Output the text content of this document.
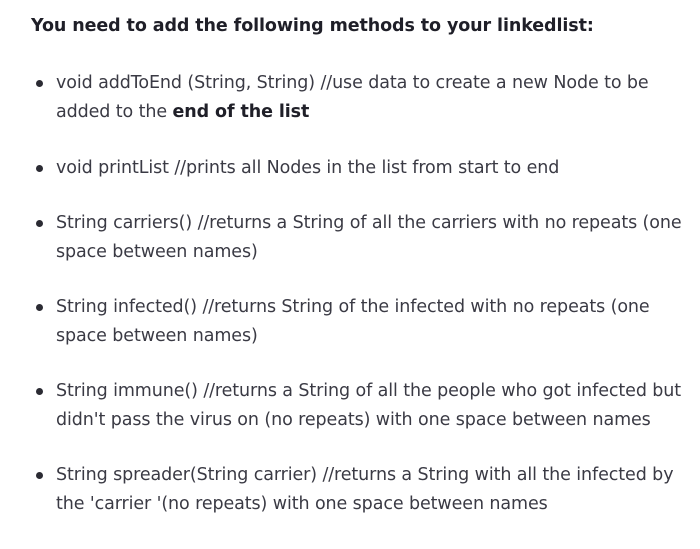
You need to add the following methods to your linkedlist:
void addToEnd (String, String) //use data to create a new Node to be added to the end of the list
void printList //prints all Nodes in the list from start to end
String carriers() //returns a String of all the carriers with no repeats (one space between names)
String infected() //returns String of the infected with no repeats (one space between names)
String immune() //returns a String of all the people who got infected but didn't pass the virus on (no repeats) with one space between names
String spreader(String carrier) //returns a String with all the infected by the 'carrier '(no repeats) with one space between names
